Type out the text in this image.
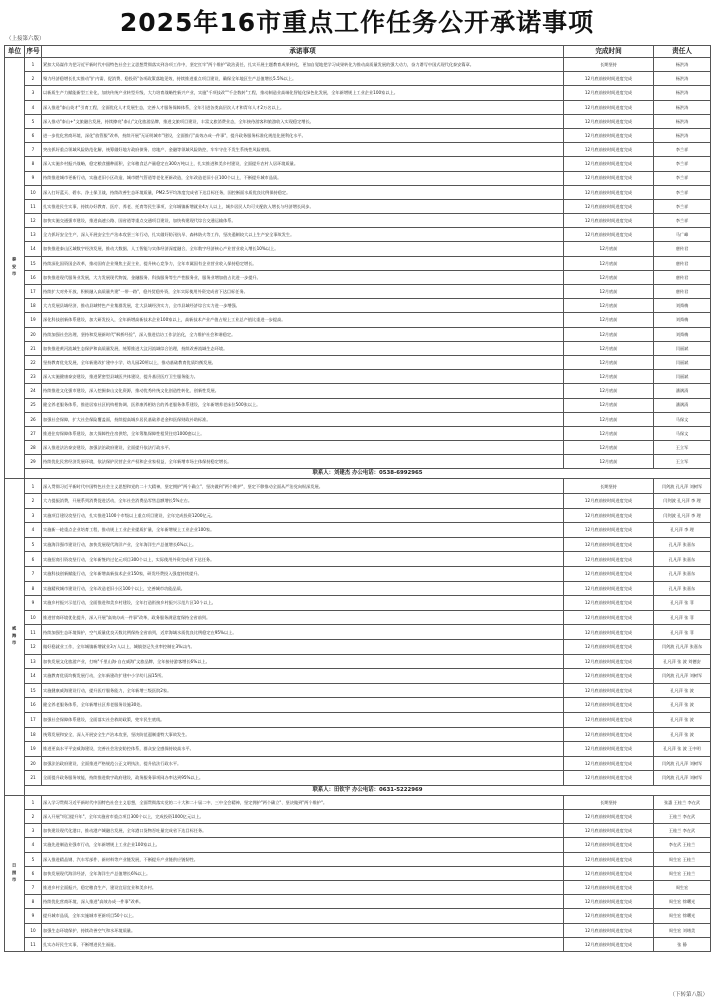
2025年16市重点工作任务公开承诺事项
（上接第六版）
单位	序号	承诺事项	完成时间	责任人
泰安市	1	紧扣大局谋作为把习近平新时代中国特色社会主义思想贯彻落实到各项工作中，坚定扛牢"两个维护"政治责任，扎实开展主题教育成果转化，更加自觉地把学习成果转化为推动高质量发展的强大动力，奋力谱写中国式现代化泰安篇章。	长期坚持	杨洪涛
	2	聚力经济稳增长扎实推动"扩内需、促消费、稳投资"各项政策落地见效，持续推进重点项目建设，确保全年地区生产总值增长5.5%以上。	12月底前按时间进度完成	杨洪涛
	3	以新质生产力赋能新型工业化，加快传统产业转型升级，大力培育战略性新兴产业，实施"千项技改""千企数转"工程，推动制造业高端化智能化绿色化发展，全年新增规上工业企业100家以上。	12月底前按时间进度完成	杨洪涛
	4	深入推进"泰山英才"引育工程，全面优化人才发展生态，完善人才服务保障体系，全年引进各类高层次人才和青年人才2万名以上。	12月底前按时间进度完成	杨洪涛
	5	深入推动"泰山+"文旅融合发展，持续擦亮"泰山"文化旅游品牌，推进文旅项目建设，丰富文旅消费业态，全年接待游客和旅游收入实现稳定增长。	12月底前按时间进度完成	杨洪涛
	6	进一步优化营商环境，深化"放管服"改革，持续开展"无证明城市"建设，全面推行"高效办成一件事"，提升政务服务标准化规范化便利化水平。	12月底前按时间进度完成	杨洪涛
	7	突出抓好重点领域风险防范化解，统筹做好地方政府债务、房地产、金融等领域风险防控，牢牢守住不发生系统性风险底线。	12月底前按时间进度完成	李兰祥
	8	深入实施乡村振兴战略，稳定粮食播种面积，全年粮食总产量稳定在300万吨以上，扎实推进和美乡村建设，全面提升农村人居环境质量。	12月底前按时间进度完成	李兰祥
	9	持续推进城市更新行动，实施老旧小区改造、城市燃气管道等老化更新改造，全年改造老旧小区100个以上，不断提升城市品质。	12月底前按时间进度完成	李兰祥
	10	深入打好蓝天、碧水、净土保卫战，持续改善生态环境质量，PM2.5平均浓度完成省下达目标任务，国控断面水质优良比例保持稳定。	12月底前按时间进度完成	李兰祥
	11	扎实推进民生实事，持续办好教育、医疗、养老、托育等民生事项，全年城镇新增就业4万人以上，城乡居民人均可支配收入增长与经济增长同步。	12月底前按时间进度完成	李兰祥
	12	加快实施交通强市建设，推进高速公路、国省道等重点交通项目建设，加快构建现代综合交通运输体系。	12月底前按时间进度完成	李兰祥
	13	全力抓好安全生产，深入开展安全生产治本攻坚三年行动，扎实做好防汛抗旱、森林防火等工作，坚决遏制较大以上生产安全事故发生。	12月底前按时间进度完成	马广峰
	14	加快推进泰山区域数字经济发展，推动大数据、人工智能与实体经济深度融合，全年数字经济核心产业营业收入增长10%以上。	12月底前	唐传君
	15	持续深化国资国企改革，推动国有企业聚焦主责主业，提升核心竞争力，全年市属国有企业营业收入保持稳定增长。	12月底前	唐传君
	16	加快推进现代服务业发展，大力发展现代物流、金融服务、科技服务等生产性服务业，服务业增加值占比进一步提升。	12月底前	唐传君
	17	持续扩大对外开放，积极融入高质量共建"一带一路"，稳外贸稳外资，全年实际使用外资完成省下达目标任务。	12月底前	唐传君
	18	大力发展县域经济，推动县域特色产业集群发展，壮大县域经济实力，全市县域经济综合实力进一步增强。	12月底前	刘舜梅
	19	深化科技创新体系建设，加大研发投入，全年新增高新技术企业100家以上，高新技术产业产值占规上工业总产值比重进一步提高。	12月底前	刘舜梅
	20	持续加强社会治理，坚持和发展新时代"枫桥经验"，深入推进信访工作法治化，全力维护社会和谐稳定。	12月底前	刘舜梅
	21	加快推进黄河流域生态保护和高质量发展，统筹推进大汶河流域综合治理，持续改善流域生态环境。	12月底前	闫丽斌
	22	坚持教育优先发展，全年新建改扩建中小学、幼儿园20所以上，推动基础教育优质均衡发展。	12月底前	闫丽斌
	23	深入实施健康泰安建设，推进紧密型县域医共体建设，提升基层医疗卫生服务能力。	12月底前	闫丽斌
	24	持续推进文化强市建设，深入挖掘泰山文化资源，推动优秀传统文化创造性转化、创新性发展。	12月底前	潘满清
	25	健全养老服务体系，推进居家社区机构相协调、医养康养相结合的养老服务体系建设，全年新增养老床位500张以上。	12月底前	潘满清
	26	加强社会保障，扩大社会保险覆盖面，持续提高城乡居民基础养老金和医保财政补助标准。	12月底前	马保文
	27	推进住房保障体系建设，加大保障性住房供给，全年筹集保障性租赁住房1000套以上。	12月底前	马保文
	28	深入推进法治泰安建设，加强法治政府建设，全面提升依法行政水平。	12月底前	王立军
	29	持续优化民营经济发展环境，依法保护民营企业产权和企业家权益，全年新增市场主体保持稳定增长。	12月底前	王立军
	联系人：刘建杰 办公电话：0538-6992965			
威海市	1	深入贯彻习近平新时代中国特色社会主义思想和党的二十大精神，坚定拥护"两个确立"、坚决做到"两个维护"，坚定不移推动全面从严治党向纵深发展。	长期坚持	闫剑波 孔凡萍 刘树军
	2	大力提振消费，开展系列消费促进活动，全年社会消费品零售总额增长5%左右。	12月底前按时间进度完成	闫剑波 孔凡萍 李 理
	3	实施项目建设攻坚行动，扎实推进1100个市级以上重点项目建设，全年完成投资1200亿元。	12月底前按时间进度完成	闫剑波 孔凡萍 李 理
	4	实施新一轮重点企业培育工程，推动规上工业企业提质扩量，全年新增规上工业企业100家。	12月底前按时间进度完成	孔凡萍 李 理
	5	实施海洋强市建设行动，加快发展现代海洋产业，全年海洋生产总值增长6%以上。	12月底前按时间进度完成	孔凡萍 张嘉东
	6	实施招商引资攻坚行动，全年新签约过亿元项目300个以上，实际使用外资完成省下达任务。	12月底前按时间进度完成	孔凡萍 张嘉东
	7	实施科技创新赋能行动，全年新增高新技术企业150家，研发经费投入强度持续提升。	12月底前按时间进度完成	孔凡萍 张嘉东
	8	实施精致城市建设行动，全年改造老旧小区100个以上，完善城市功能品质。	12月底前按时间进度完成	孔凡萍 张嘉东
	9	实施乡村振兴示范行动，全面推进和美乡村建设，全年打造衔接乡村振兴示范片区10个以上。	12月底前按时间进度完成	孔凡萍 张 菲
	10	推进营商环境优化提升，深入开展"高效办成一件事"改革，政务服务满意度保持全省前列。	12月底前按时间进度完成	孔凡萍 张 菲
	11	持续加强生态环境保护，空气质量优良天数比例保持全省前列，近岸海域水质优良比例稳定在95%以上。	12月底前按时间进度完成	孔凡萍 张 菲
	12	做好稳就业工作，全年城镇新增就业3万人以上，城镇登记失业率控制在3%以内。	12月底前按时间进度完成	闫剑波 孔凡萍 张嘉东
	13	加快发展文化旅游产业，打响"千里山海·自在威海"文旅品牌，全年接待游客增长6%以上。	12月底前按时间进度完成	孔凡萍 张 波 刘德安
	14	实施教育优质均衡发展行动，全年新建改扩建中小学幼儿园15所。	12月底前按时间进度完成	闫剑波 孔凡萍 刘树军
	15	实施健康威海建设行动，提升医疗服务能力，全年新增三级医院2家。	12月底前按时间进度完成	孔凡萍 张 波
	16	健全养老服务体系，全年新增社区养老服务设施30处。	12月底前按时间进度完成	孔凡萍 张 波
	17	加强社会保障体系建设，全面落实社会救助政策，兜牢民生底线。	12月底前按时间进度完成	孔凡萍 张 波
	18	统筹发展和安全，深入开展安全生产治本攻坚，坚决防范遏制重特大事故发生。	12月底前按时间进度完成	孔凡萍 张 波
	19	推进更高水平平安威海建设，完善社会治安防控体系，群众安全感保持较高水平。	12月底前按时间进度完成	孔凡萍 张 波 王中明
	20	加强法治政府建设，全面推进严格规范公正文明执法，提升依法行政水平。	12月底前按时间进度完成	闫剑波 孔凡萍 刘树军
	21	全面提升政务服务效能，持续推进数字政府建设，政务服务事项网办率达到95%以上。	12月底前按时间进度完成	闫剑波 孔凡萍 刘树军
	联系人：田钦宇 办公电话：0631-5222969			
日照市	1	深入学习贯彻习近平新时代中国特色社会主义思想，全面贯彻落实党的二十大和二十届二中、三中全会精神，坚定拥护"两个确立"、坚决做到"两个维护"。	长期坚持	张惠 王桂兰 李在武
	2	深入开展"项目提升年"，全年实施省市重点项目300个以上，完成投资1000亿元以上。	12月底前按时间进度完成	王桂兰 李在武
	3	加快建设现代化港口，推动港产城融合发展，全年港口货物吞吐量完成省下达目标任务。	12月底前按时间进度完成	王桂兰 李在武
	4	实施先进制造业强市行动，全年新增规上工业企业100家以上。	12月底前按时间进度完成	李在武 王桂兰
	5	深入推进精品钢、汽车零部件、新材料等产业链发展，不断提升产业链供应链韧性。	12月底前按时间进度完成	周生宏 王桂兰
	6	加快发展现代海洋经济，全年海洋生产总值增长6%以上。	12月底前按时间进度完成	周生宏 王桂兰
	7	推进乡村全面振兴，稳定粮食生产，建设宜居宜业和美乡村。	12月底前按时间进度完成	周生宏
	8	持续优化营商环境，深入推进"高效办成一件事"改革。	12月底前按时间进度完成	周生宏 徐曙光
	9	提升城市品质，全年实施城市更新项目50个以上。	12月底前按时间进度完成	周生宏 徐曙光
	10	加强生态环境保护，持续改善空气和水环境质量。	12月底前按时间进度完成	周生宏 刘绪美
	11	扎实办好民生实事，不断增进民生福祉。	12月底前按时间进度完成	张 静
（下转第八版）
